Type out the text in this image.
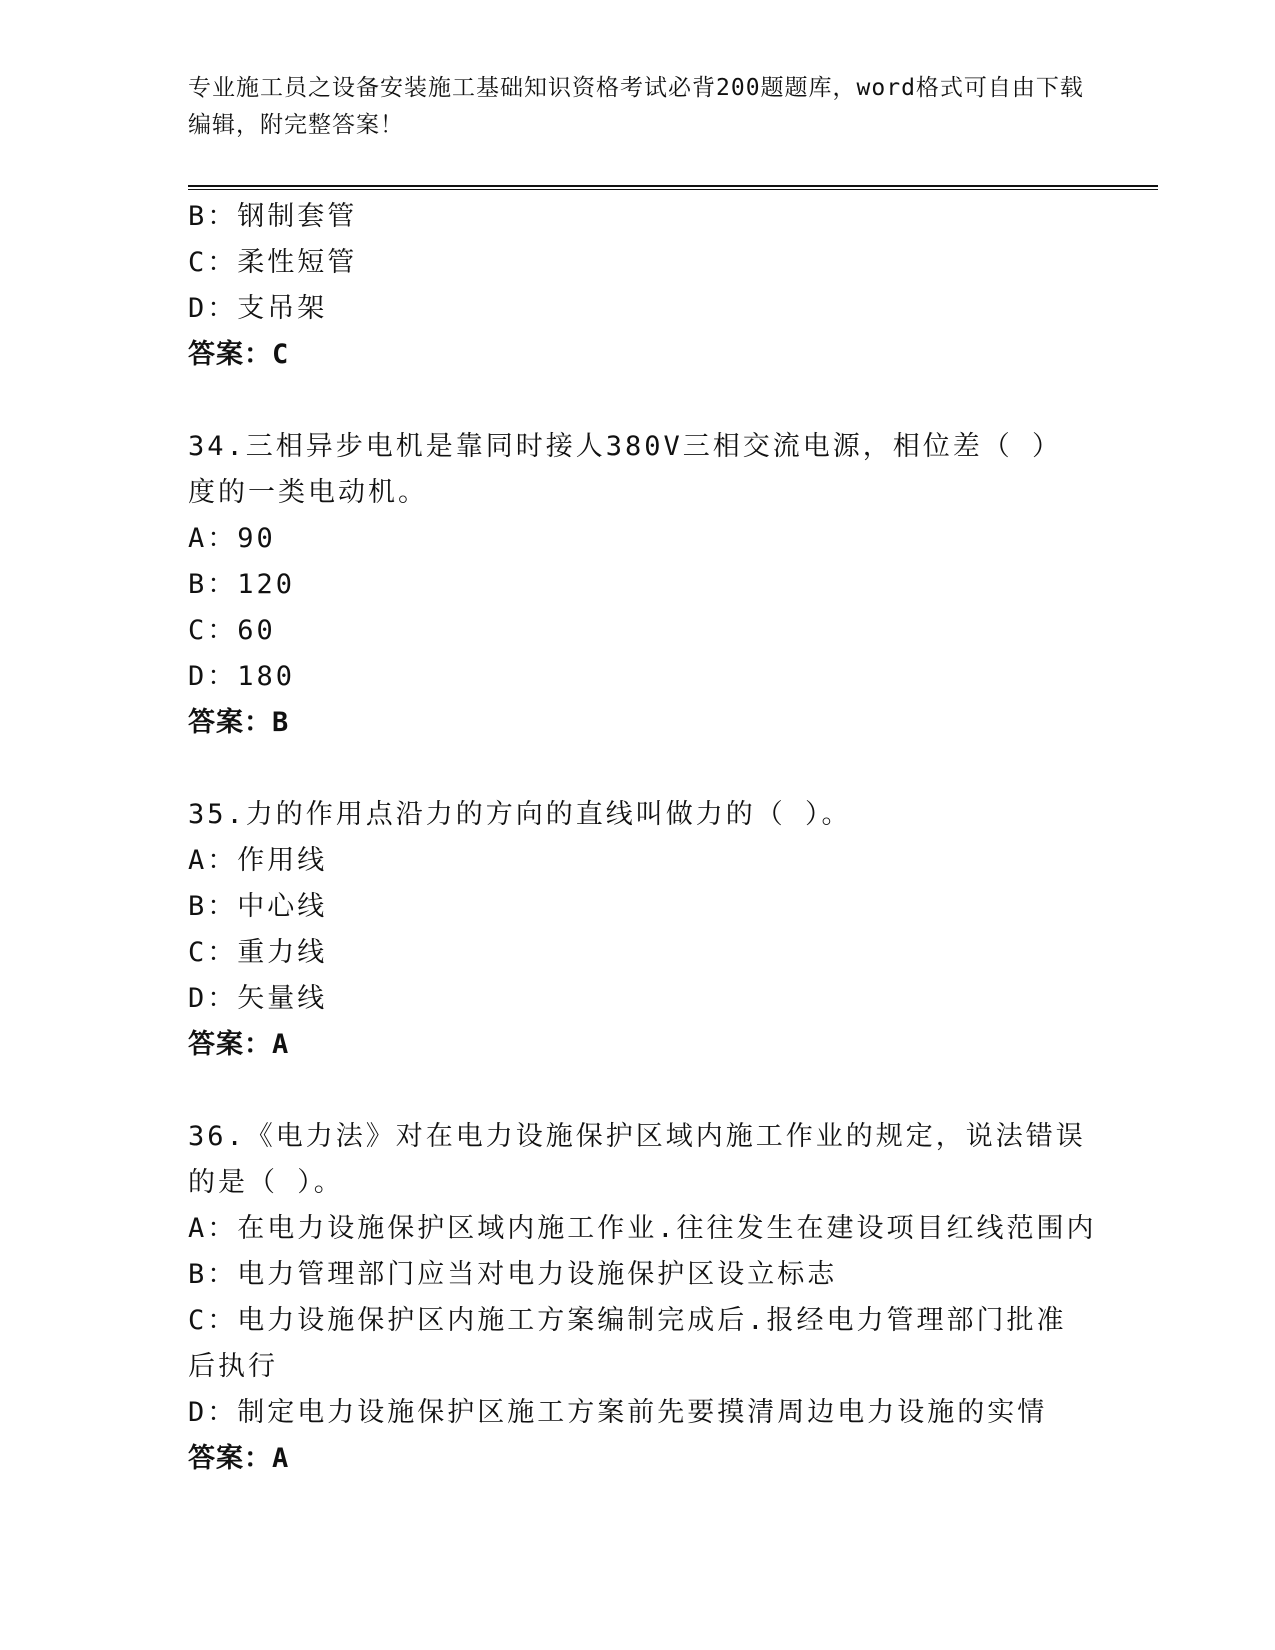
专业施工员之设备安装施工基础知识资格考试必背200题题库，word格式可自由下载编辑，附完整答案！

B：钢制套管
C：柔性短管
D：支吊架
答案：C
34.三相异步电机是靠同时接人380V三相交流电源，相位差（ ）度的一类电动机。
A：90
B：120
C：60
D：180
答案：B
35.力的作用点沿力的方向的直线叫做力的（ ）。
A：作用线
B：中心线
C：重力线
D：矢量线
答案：A
36.《电力法》对在电力设施保护区域内施工作业的规定，说法错误的是（ ）。
A：在电力设施保护区域内施工作业.往往发生在建设项目红线范围内
B：电力管理部门应当对电力设施保护区设立标志
C：电力设施保护区内施工方案编制完成后.报经电力管理部门批准后执行
D：制定电力设施保护区施工方案前先要摸清周边电力设施的实情
答案：A
